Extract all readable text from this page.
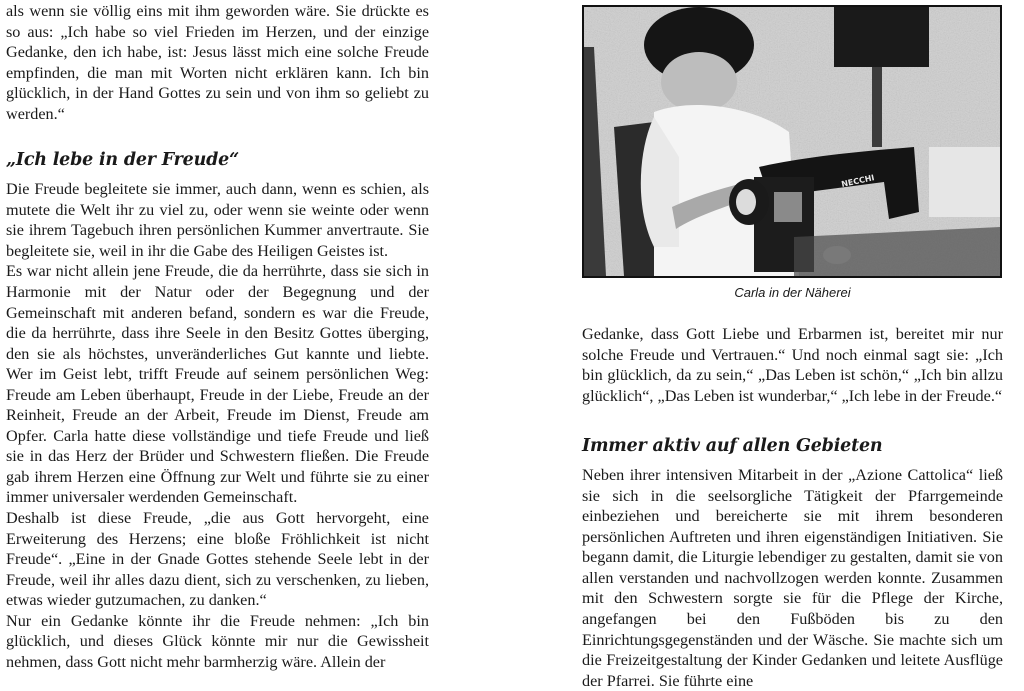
als wenn sie völlig eins mit ihm geworden wäre. Sie drückte es so aus: „Ich habe so viel Frieden im Herzen, und der einzige Gedanke, den ich habe, ist: Jesus lässt mich eine solche Freude empfinden, die man mit Worten nicht erklären kann. Ich bin glücklich, in der Hand Gottes zu sein und von ihm so geliebt zu werden.“

„Ich lebe in der Freude“

Die Freude begleitete sie immer, auch dann, wenn es schien, als mutete die Welt ihr zu viel zu, oder wenn sie weinte oder wenn sie ihrem Tagebuch ihren persönlichen Kummer anvertraute. Sie begleitete sie, weil in ihr die Gabe des Heiligen Geistes ist.

Es war nicht allein jene Freude, die da herrührte, dass sie sich in Harmonie mit der Natur oder der Begegnung und der Gemeinschaft mit anderen befand, sondern es war die Freude, die da herrührte, dass ihre Seele in den Besitz Gottes überging, den sie als höchstes, unveränderliches Gut kannte und liebte. Wer im Geist lebt, trifft Freude auf seinem persönlichen Weg: Freude am Leben überhaupt, Freude in der Liebe, Freude an der Reinheit, Freude an der Arbeit, Freude im Dienst, Freude am Opfer. Carla hatte diese vollständige und tiefe Freude und ließ sie in das Herz der Brüder und Schwestern fließen. Die Freude gab ihrem Herzen eine Öffnung zur Welt und führte sie zu einer immer universaler werdenden Gemeinschaft.

Deshalb ist diese Freude, „die aus Gott hervorgeht, eine Erweiterung des Herzens; eine bloße Fröhlichkeit ist nicht Freude“. „Eine in der Gnade Gottes stehende Seele lebt in der Freude, weil ihr alles dazu dient, sich zu verschenken, zu lieben, etwas wieder gutzumachen, zu danken.“

Nur ein Gedanke könnte ihr die Freude nehmen: „Ich bin glücklich, und dieses Glück könnte mir nur die Gewissheit nehmen, dass Gott nicht mehr barmherzig wäre. Allein der

NECCHI
Carla in der Näherei

Gedanke, dass Gott Liebe und Erbarmen ist, bereitet mir nur solche Freude und Vertrauen.“ Und noch einmal sagt sie: „Ich bin glücklich, da zu sein,“ „Das Leben ist schön,“ „Ich bin allzu glücklich“, „Das Leben ist wunderbar,“ „Ich lebe in der Freude.“

Immer aktiv auf allen Gebieten

Neben ihrer intensiven Mitarbeit in der „Azione Cattolica“ ließ sie sich in die seelsorgliche Tätigkeit der Pfarrgemeinde einbeziehen und bereicherte sie mit ihrem besonderen persönlichen Auftreten und ihren eigenständigen Initiativen. Sie begann damit, die Liturgie lebendiger zu gestalten, damit sie von allen verstanden und nachvollzogen werden konnte. Zusammen mit den Schwestern sorgte sie für die Pflege der Kirche, angefangen bei den Fußböden bis zu den Einrichtungsgegenständen und der Wäsche. Sie machte sich um die Freizeitgestaltung der Kinder Gedanken und leitete Ausflüge der Pfarrei. Sie führte eine
